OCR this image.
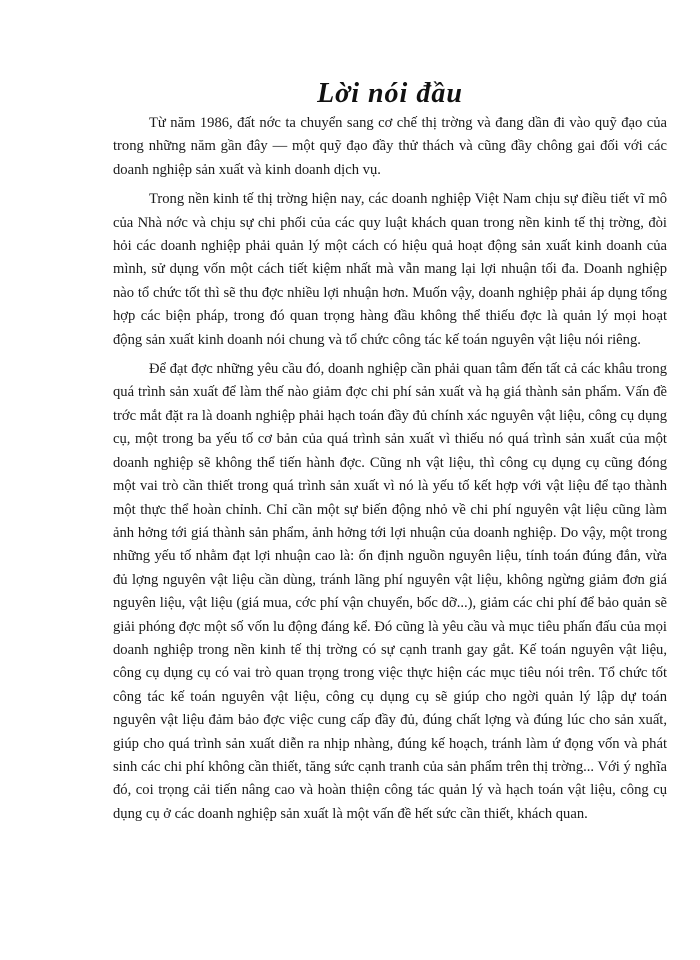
Lời nói đầu

Từ năm 1986, đất nớc ta chuyển sang cơ chế thị trờng và đang dần đi vào quỹ đạo của trong những năm gần đây — một quỹ đạo đầy thử thách và cũng đầy chông gai đối với các doanh nghiệp sản xuất và kinh doanh dịch vụ.

Trong nền kinh tế thị trờng hiện nay, các doanh nghiệp Việt Nam chịu sự điều tiết vĩ mô của Nhà nớc và chịu sự chi phối của các quy luật khách quan trong nền kinh tế thị trờng, đòi hỏi các doanh nghiệp phải quản lý một cách có hiệu quả hoạt động sản xuất kinh doanh của mình, sử dụng vốn một cách tiết kiệm nhất mà vẫn mang lại lợi nhuận tối đa. Doanh nghiệp nào tổ chức tốt thì sẽ thu đợc nhiều lợi nhuận hơn. Muốn vậy, doanh nghiệp phải áp dụng tổng hợp các biện pháp, trong đó quan trọng hàng đầu không thể thiếu đợc là quản lý mọi hoạt động sản xuất kinh doanh nói chung và tổ chức công tác kế toán nguyên vật liệu nói riêng.

Để đạt đợc những yêu cầu đó, doanh nghiệp cần phải quan tâm đến tất cả các khâu trong quá trình sản xuất để làm thế nào giảm đợc chi phí sản xuất và hạ giá thành sản phẩm. Vấn đề trớc mắt đặt ra là doanh nghiệp phải hạch toán đầy đủ chính xác nguyên vật liệu, công cụ dụng cụ, một trong ba yếu tố cơ bản của quá trình sản xuất vì thiếu nó quá trình sản xuất của một doanh nghiệp sẽ không thể tiến hành đợc. Cũng nh vật liệu, thì công cụ dụng cụ cũng đóng một vai trò cần thiết trong quá trình sản xuất vì nó là yếu tố kết hợp với vật liệu để tạo thành một thực thể hoàn chỉnh. Chỉ cần một sự biến động nhỏ về chi phí nguyên vật liệu cũng làm ảnh hởng tới giá thành sản phẩm, ảnh hởng tới lợi nhuận của doanh nghiệp. Do vậy, một trong những yếu tố nhằm đạt lợi nhuận cao là: ổn định nguồn nguyên liệu, tính toán đúng đắn, vừa đủ lợng nguyên vật liệu cần dùng, tránh lãng phí nguyên vật liệu, không ngừng giảm đơn giá nguyên liệu, vật liệu (giá mua, cớc phí vận chuyển, bốc dỡ...), giảm các chi phí để bảo quản sẽ giải phóng đợc một số vốn lu động đáng kể. Đó cũng là yêu cầu và mục tiêu phấn đấu của mọi doanh nghiệp trong nền kinh tế thị trờng có sự cạnh tranh gay gắt. Kế toán nguyên vật liệu, công cụ dụng cụ có vai trò quan trọng trong việc thực hiện các mục tiêu nói trên. Tổ chức tốt công tác kế toán nguyên vật liệu, công cụ dụng cụ sẽ giúp cho ngời quản lý lập dự toán nguyên vật liệu đảm bảo đợc việc cung cấp đầy đủ, đúng chất lợng và đúng lúc cho sản xuất, giúp cho quá trình sản xuất diễn ra nhịp nhàng, đúng kế hoạch, tránh làm ứ đọng vốn và phát sinh các chi phí không cần thiết, tăng sức cạnh tranh của sản phẩm trên thị trờng... Với ý nghĩa đó, coi trọng cải tiến nâng cao và hoàn thiện công tác quản lý và hạch toán vật liệu, công cụ dụng cụ ở các doanh nghiệp sản xuất là một vấn đề hết sức cần thiết, khách quan.
